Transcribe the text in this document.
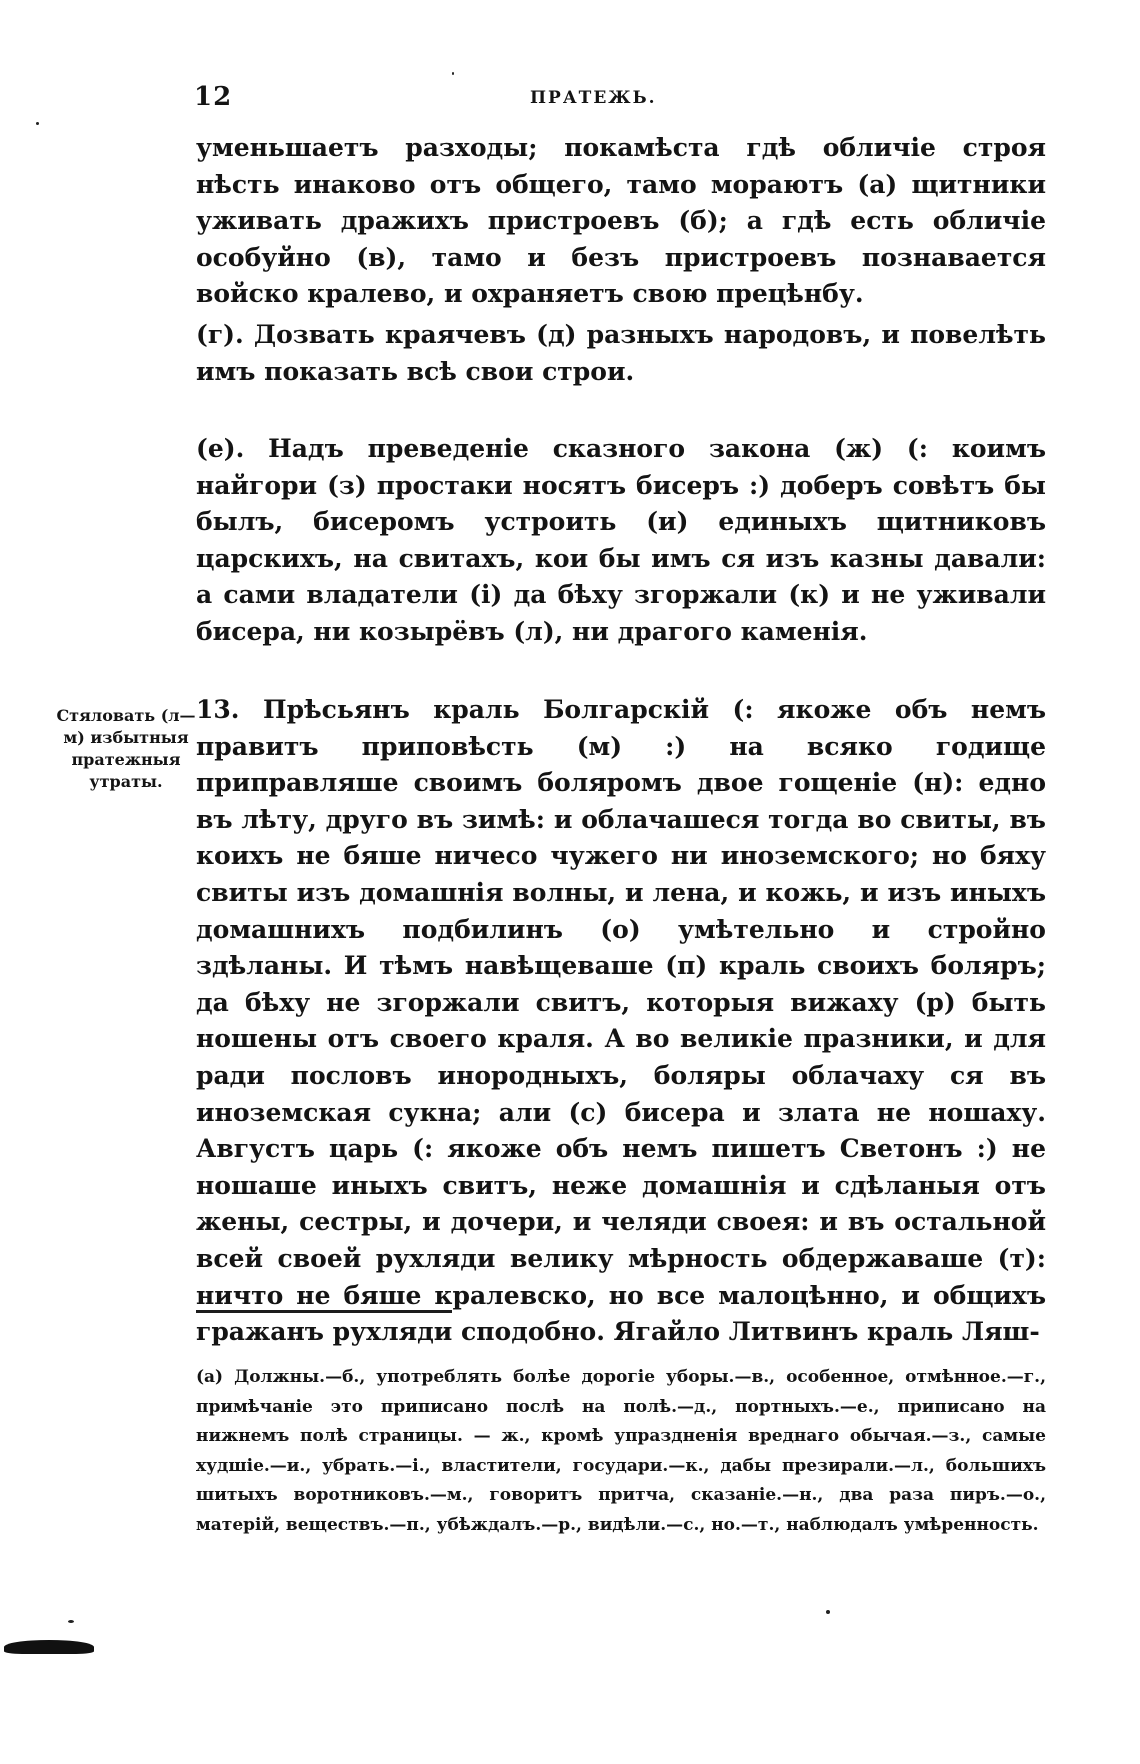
12	ПРАТЕЖЬ.

уменьшаетъ разходы; покамѣста гдѣ обличіе строя нѣсть инаково отъ общего, тамо мораютъ (а) щитники уживать дражихъ пристроевъ (б); а гдѣ есть обличіе особуйно (в), тамо и безъ пристроевъ познавается войско кралево, и охраняетъ свою прецѣнбу.

(г). Дозвать краячевъ (д) разныхъ народовъ, и повелѣть имъ показать всѣ свои строи.

(е). Надъ преведеніе сказного закона (ж) (: коимъ найгори (з) простаки носятъ бисеръ :) доберъ совѣтъ бы былъ, бисеромъ устроить (и) единыхъ щитниковъ царскихъ, на свитахъ, кои бы имъ ся изъ казны давали: а сами владатели (і) да бѣху згоржали (к) и не уживали бисера, ни козырёвъ (л), ни драгого каменія.

Стяловать (л—м) избытныя пратежныя утраты.

13. Прѣсьянъ краль Болгарскій (: якоже объ немъ правитъ приповѣсть (м) :) на всяко годище приправляше своимъ боляромъ двое гощеніе (н): едно въ лѣту, друго въ зимѣ: и облачашеся тогда во свиты, въ коихъ не бяше ничесо чужего ни иноземского; но бяху свиты изъ домашнія волны, и лена, и кожь, и изъ иныхъ домашнихъ подбилинъ (о) умѣтельно и стройно здѣланы. И тѣмъ навѣщеваше (п) краль своихъ боляръ; да бѣху не згоржали свитъ, которыя вижаху (р) быть ношены отъ своего краля. А во великіе празники, и для ради пословъ инородныхъ, боляры облачаху ся въ иноземская сукна; али (с) бисера и злата не ношаху. Августъ царь (: якоже объ немъ пишетъ Светонъ :) не ношаше иныхъ свитъ, неже домашнія и сдѣланыя отъ жены, сестры, и дочери, и челяди своея: и въ остальной всей своей рухляди велику мѣрность обдержаваше (т): ничто не бяше кралевско, но все малоцѣнно, и общихъ гражанъ рухляди сподобно. Ягайло Литвинъ краль Ляш-

(а) Должны.—б., употреблять болѣе дорогіе уборы.—в., особенное, отмѣнное.—г., примѣчаніе это приписано послѣ на полѣ.—д., портныхъ.—е., приписано на нижнемъ полѣ страницы. — ж., кромѣ упраздненія вреднаго обычая.—з., самые худшіе.—и., убрать.—і., властители, государи.—к., дабы презирали.—л., большихъ шитыхъ воротниковъ.—м., говоритъ притча, сказаніе.—н., два раза пиръ.—о., матерій, веществъ.—п., убѣждалъ.—р., видѣли.—с., но.—т., наблюдалъ умѣренность.
